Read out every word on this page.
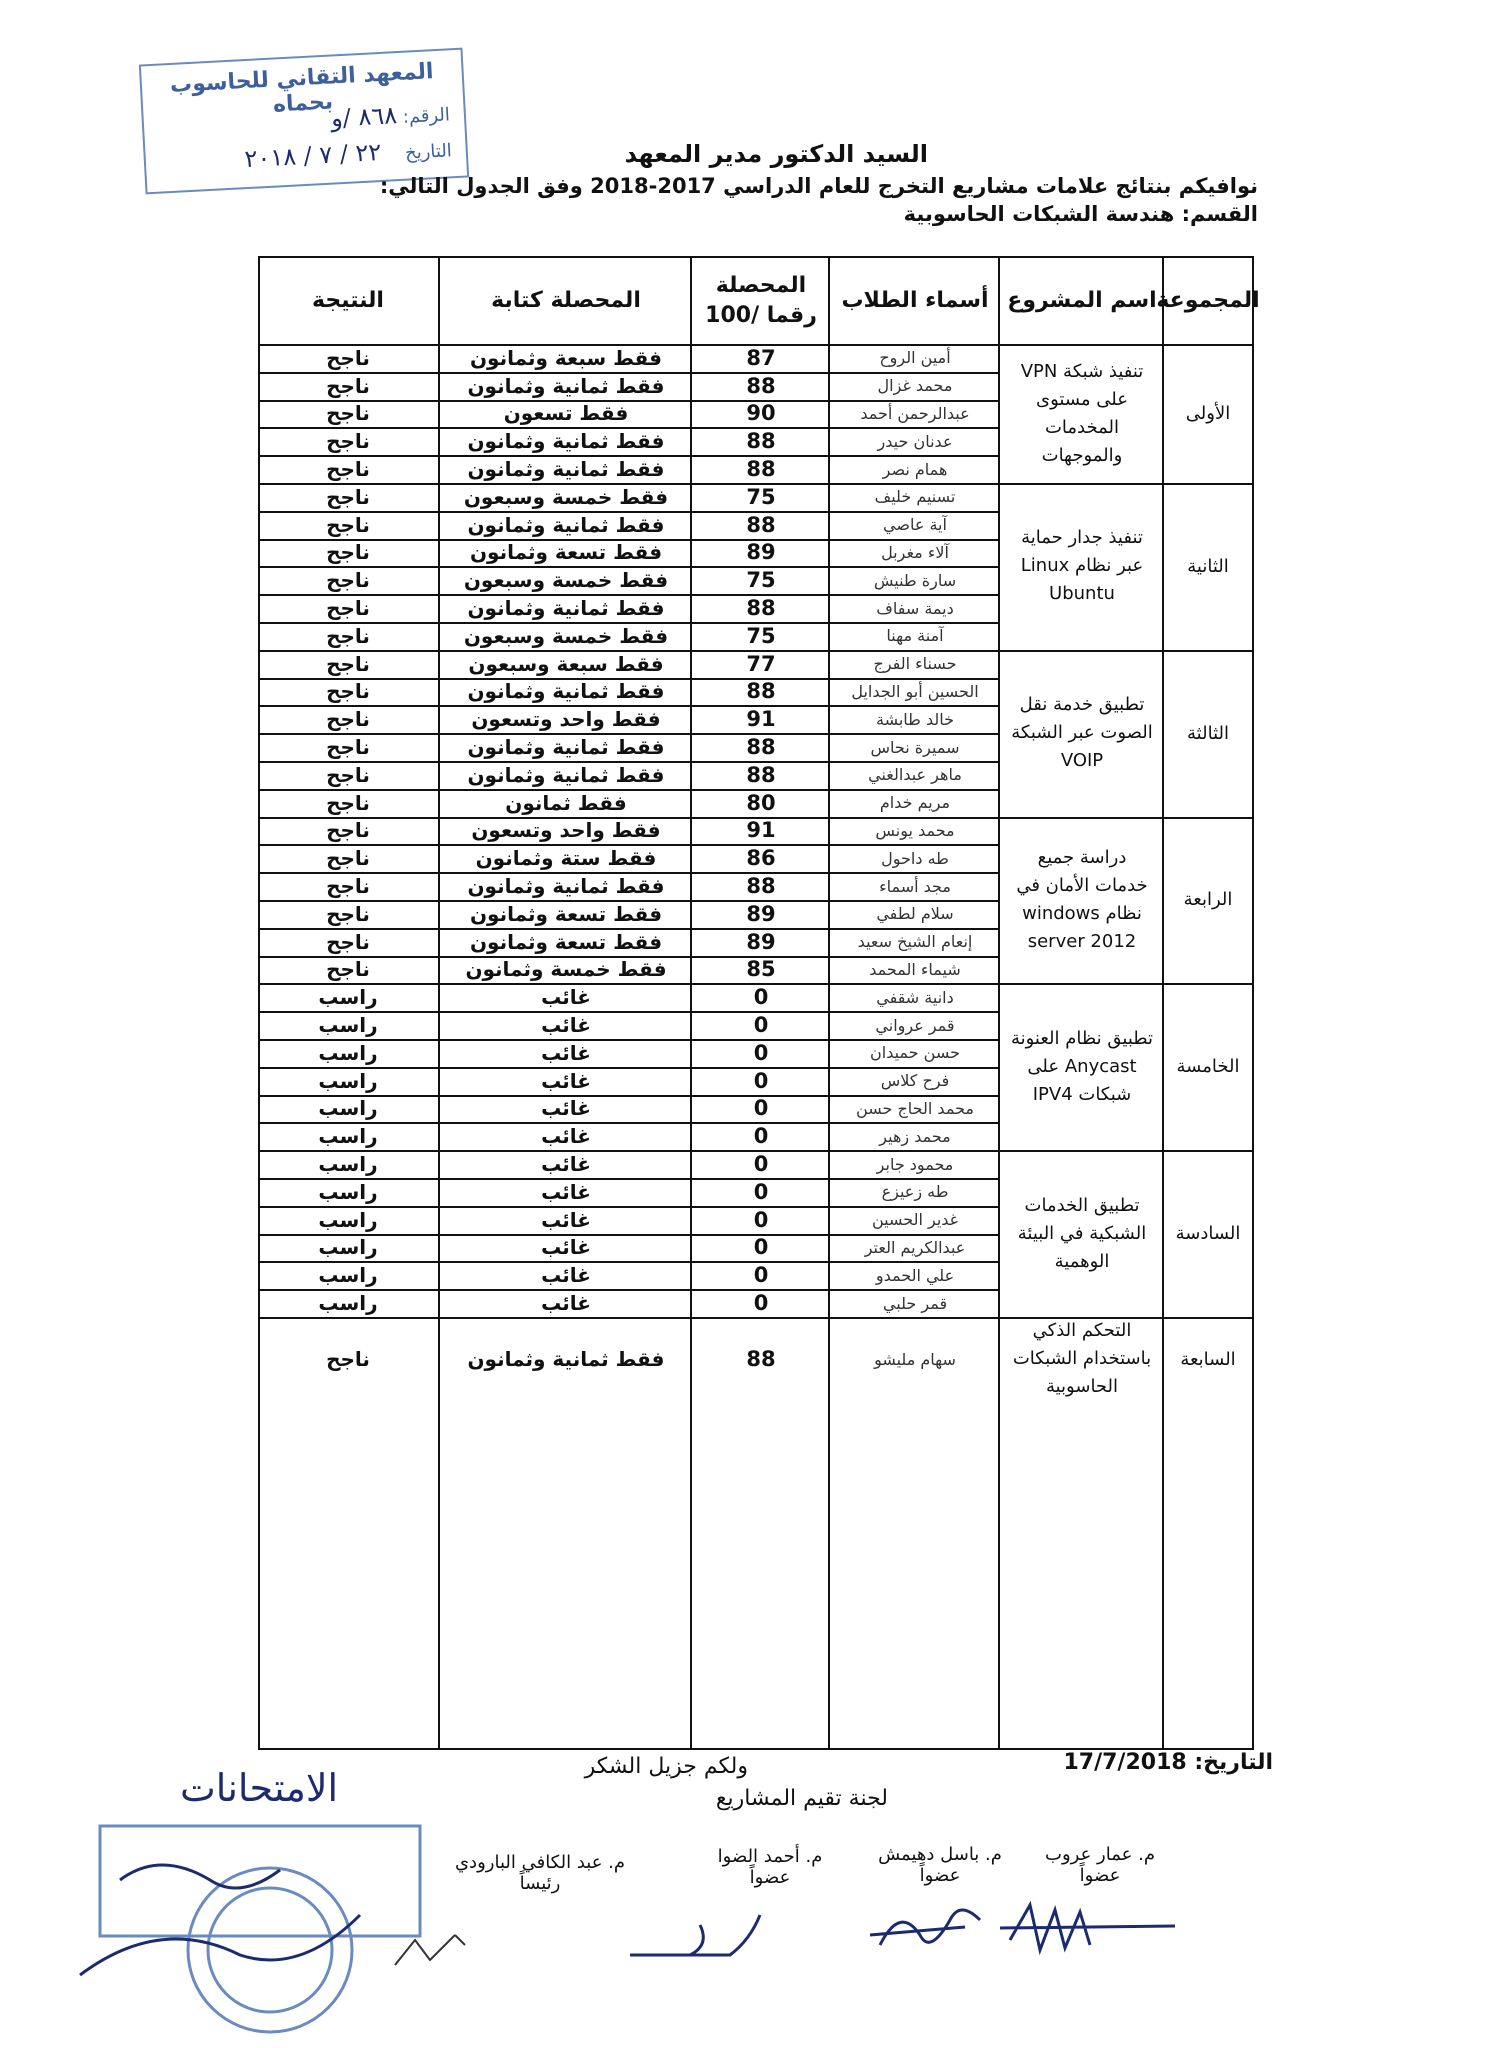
المعهد التقاني للحاسوب بحماه	الرقم: ٨٦٨ /و
التاريخ ٢٢ / ٧ / ٢٠١٨	السيد الدكتور مدير المعهد
نوافيكم بنتائج علامات مشاريع التخرج للعام الدراسي 2017-2018 وفق الجدول التالي:
القسم: هندسة الشبكات الحاسوبية
المجموعة
اسم المشروع
أسماء الطلاب
المحصلة رقما /100
المحصلة كتابة
النتيجة
الأولى
تنفيذ شبكة VPN على مستوى المخدمات والموجهات
أمين الروح
87
فقط سبعة وثمانون
ناجح
محمد غزال
88
فقط ثمانية وثمانون
ناجح
عبدالرحمن أحمد
90
فقط تسعون
ناجح
عدنان حيدر
88
فقط ثمانية وثمانون
ناجح
همام نصر
88
فقط ثمانية وثمانون
ناجح
الثانية
تنفيذ جدار حماية عبر نظام Linux Ubuntu
تسنيم خليف
75
فقط خمسة وسبعون
ناجح
آية عاصي
88
فقط ثمانية وثمانون
ناجح
آلاء مغربل
89
فقط تسعة وثمانون
ناجح
سارة طنيش
75
فقط خمسة وسبعون
ناجح
ديمة سفاف
88
فقط ثمانية وثمانون
ناجح
آمنة مهنا
75
فقط خمسة وسبعون
ناجح
الثالثة
تطبيق خدمة نقل الصوت عبر الشبكة VOIP
حسناء الفرج
77
فقط سبعة وسبعون
ناجح
الحسين أبو الجدايل
88
فقط ثمانية وثمانون
ناجح
خالد طابشة
91
فقط واحد وتسعون
ناجح
سميرة نحاس
88
فقط ثمانية وثمانون
ناجح
ماهر عبدالغني
88
فقط ثمانية وثمانون
ناجح
مريم خدام
80
فقط ثمانون
ناجح
الرابعة
دراسة جميع خدمات الأمان في نظام windows server 2012
محمد يونس
91
فقط واحد وتسعون
ناجح
طه داحول
86
فقط ستة وثمانون
ناجح
مجد أسماء
88
فقط ثمانية وثمانون
ناجح
سلام لطفي
89
فقط تسعة وثمانون
ناجح
إنعام الشيخ سعيد
89
فقط تسعة وثمانون
ناجح
شيماء المحمد
85
فقط خمسة وثمانون
ناجح
الخامسة
تطبيق نظام العنونة Anycast على شبكات IPV4
دانية شقفي
0
غائب
راسب
قمر عرواني
0
غائب
راسب
حسن حميدان
0
غائب
راسب
فرح كلاس
0
غائب
راسب
محمد الحاج حسن
0
غائب
راسب
محمد زهير
0
غائب
راسب
السادسة
تطبيق الخدمات الشبكية في البيئة الوهمية
محمود جابر
0
غائب
راسب
طه زعيزع
0
غائب
راسب
غدير الحسين
0
غائب
راسب
عبدالكريم العتر
0
غائب
راسب
علي الحمدو
0
غائب
راسب
قمر حلبي
0
غائب
راسب
السابعة
التحكم الذكي باستخدام الشبكات الحاسوبية
سهام مليشو
88
فقط ثمانية وثمانون
ناجح
التاريخ: 17/7/2018
ولكم جزيل الشكر
لجنة تقيم المشاريع
الامتحانات
م. عمار عروب
عضواً
م. باسل دهيمش
عضواً
م. أحمد الضوا
عضواً
م. عبد الكافي البارودي
رئيساً
